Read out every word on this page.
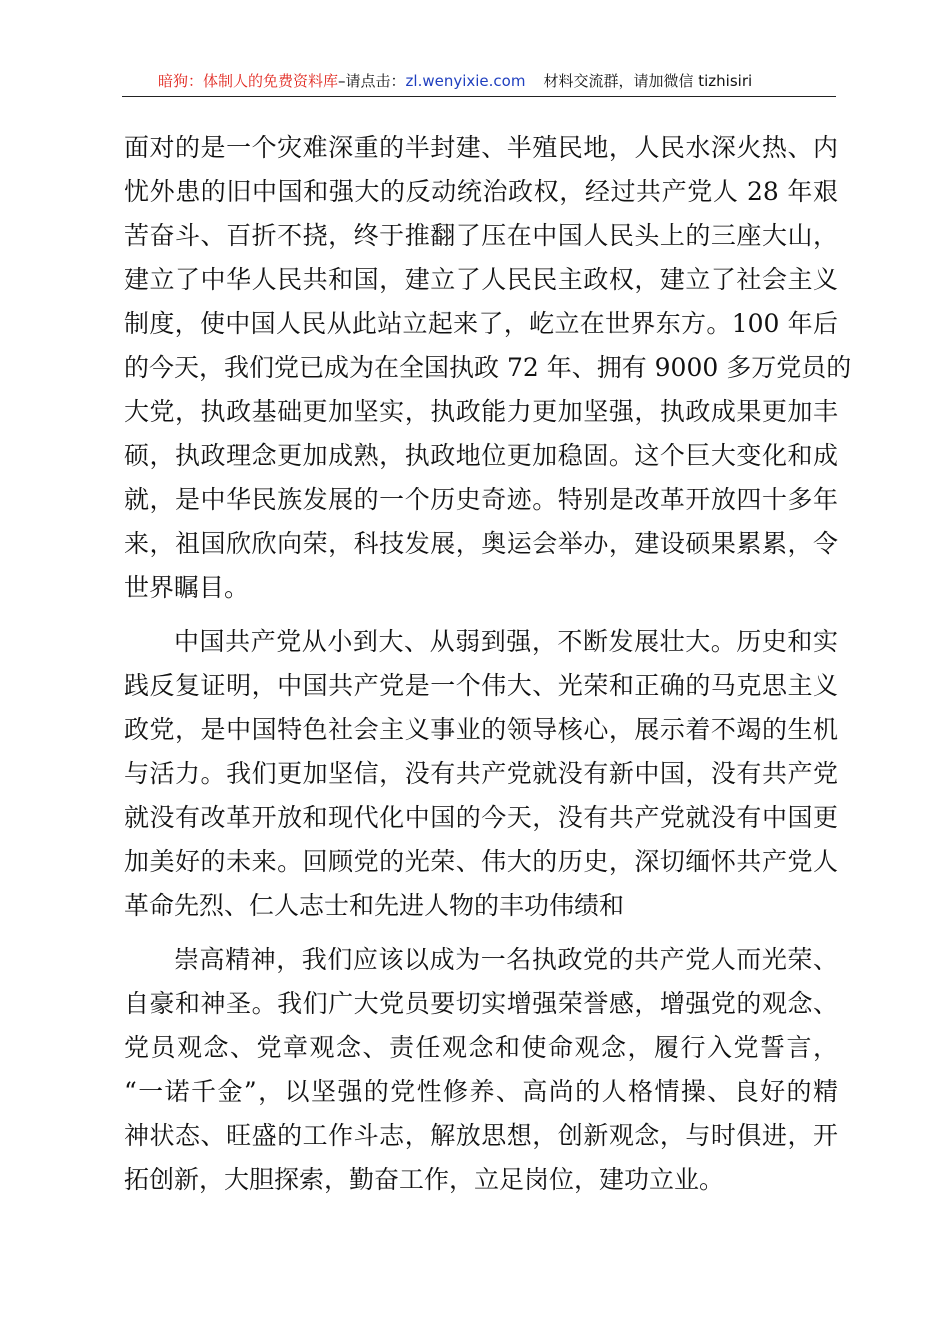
暗狗：体制人的免费资料库–请点击：zl.wenyixie.com 材料交流群，请加微信 tizhisiri
面对的是一个灾难深重的半封建、半殖民地，人民水深火热、内
忧外患的旧中国和强大的反动统治政权，经过共产党人 28 年艰
苦奋斗、百折不挠，终于推翻了压在中国人民头上的三座大山，
建立了中华人民共和国，建立了人民民主政权，建立了社会主义
制度，使中国人民从此站立起来了，屹立在世界东方。100 年后
的今天，我们党已成为在全国执政 72 年、拥有 9000 多万党员的
大党，执政基础更加坚实，执政能力更加坚强，执政成果更加丰
硕，执政理念更加成熟，执政地位更加稳固。这个巨大变化和成
就，是中华民族发展的一个历史奇迹。特别是改革开放四十多年
来，祖国欣欣向荣，科技发展，奥运会举办，建设硕果累累，令
世界瞩目。
中国共产党从小到大、从弱到强，不断发展壮大。历史和实
践反复证明，中国共产党是一个伟大、光荣和正确的马克思主义
政党，是中国特色社会主义事业的领导核心，展示着不竭的生机
与活力。我们更加坚信，没有共产党就没有新中国，没有共产党
就没有改革开放和现代化中国的今天，没有共产党就没有中国更
加美好的未来。回顾党的光荣、伟大的历史，深切缅怀共产党人
革命先烈、仁人志士和先进人物的丰功伟绩和
崇高精神，我们应该以成为一名执政党的共产党人而光荣、
自豪和神圣。我们广大党员要切实增强荣誉感，增强党的观念、
党员观念、党章观念、责任观念和使命观念，履行入党誓言，
“一诺千金”，以坚强的党性修养、高尚的人格情操、良好的精
神状态、旺盛的工作斗志，解放思想，创新观念，与时俱进，开
拓创新，大胆探索，勤奋工作，立足岗位，建功立业。
